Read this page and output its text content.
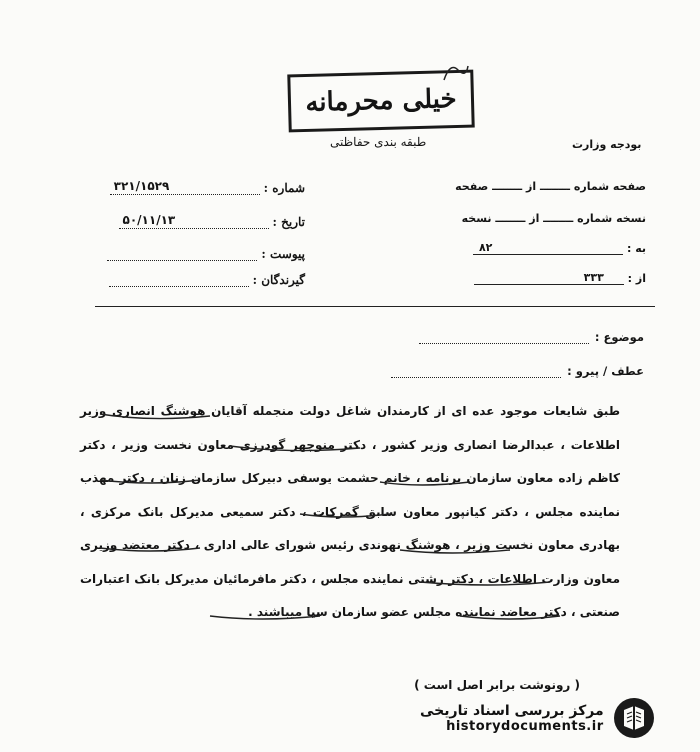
خیلی محرمانه
طبقه بندی حفاظتی	بودجه وزارت
شماره :
۳۲۱/۱۵۲۹
تاریخ :
۵۰/۱۱/۱۳
پیوست :
گیرندگان :
صفحه شماره ــــــــ از ــــــــ صفحه
نسخه شماره ــــــــ از ــــــــ نسخه
به :
۸۲
از :
۳۳۳
موضوع :
عطف / پیرو :
طبق شایعات موجود عده ای از کارمندان شاغل دولت منجمله آقایان هوشنگ انصاری وزیر اطلاعات ، عبدالرضا انصاری وزیر کشور ، دکتر منوچهر گودرزی معاون نخست وزیر ، دکتر کاظم زاده معاون سازمان برنامه ، خانم حشمت یوسفی دبیرکل سازمان زنان ، دکتر مهذب نماینده مجلس ، دکتر کیانپور معاون سابق گمرکات ، دکتر سمیعی مدیرکل بانک مرکزی ، بهادری معاون نخست وزیر ، هوشنگ نهوندی رئیس شورای عالی اداری ، دکتر معتضد وزیری معاون وزارت اطلاعات ، دکتر رشتی نماینده مجلس ، دکتر مافرمائیان مدیرکل بانک اعتبارات صنعتی ، دکتر معاضد نماینده مجلس عضو سازمان سیا میباشند .
( رونوشت برابر اصل است )
مرکز بررسی اسناد تاریخی
historydocuments.ir
